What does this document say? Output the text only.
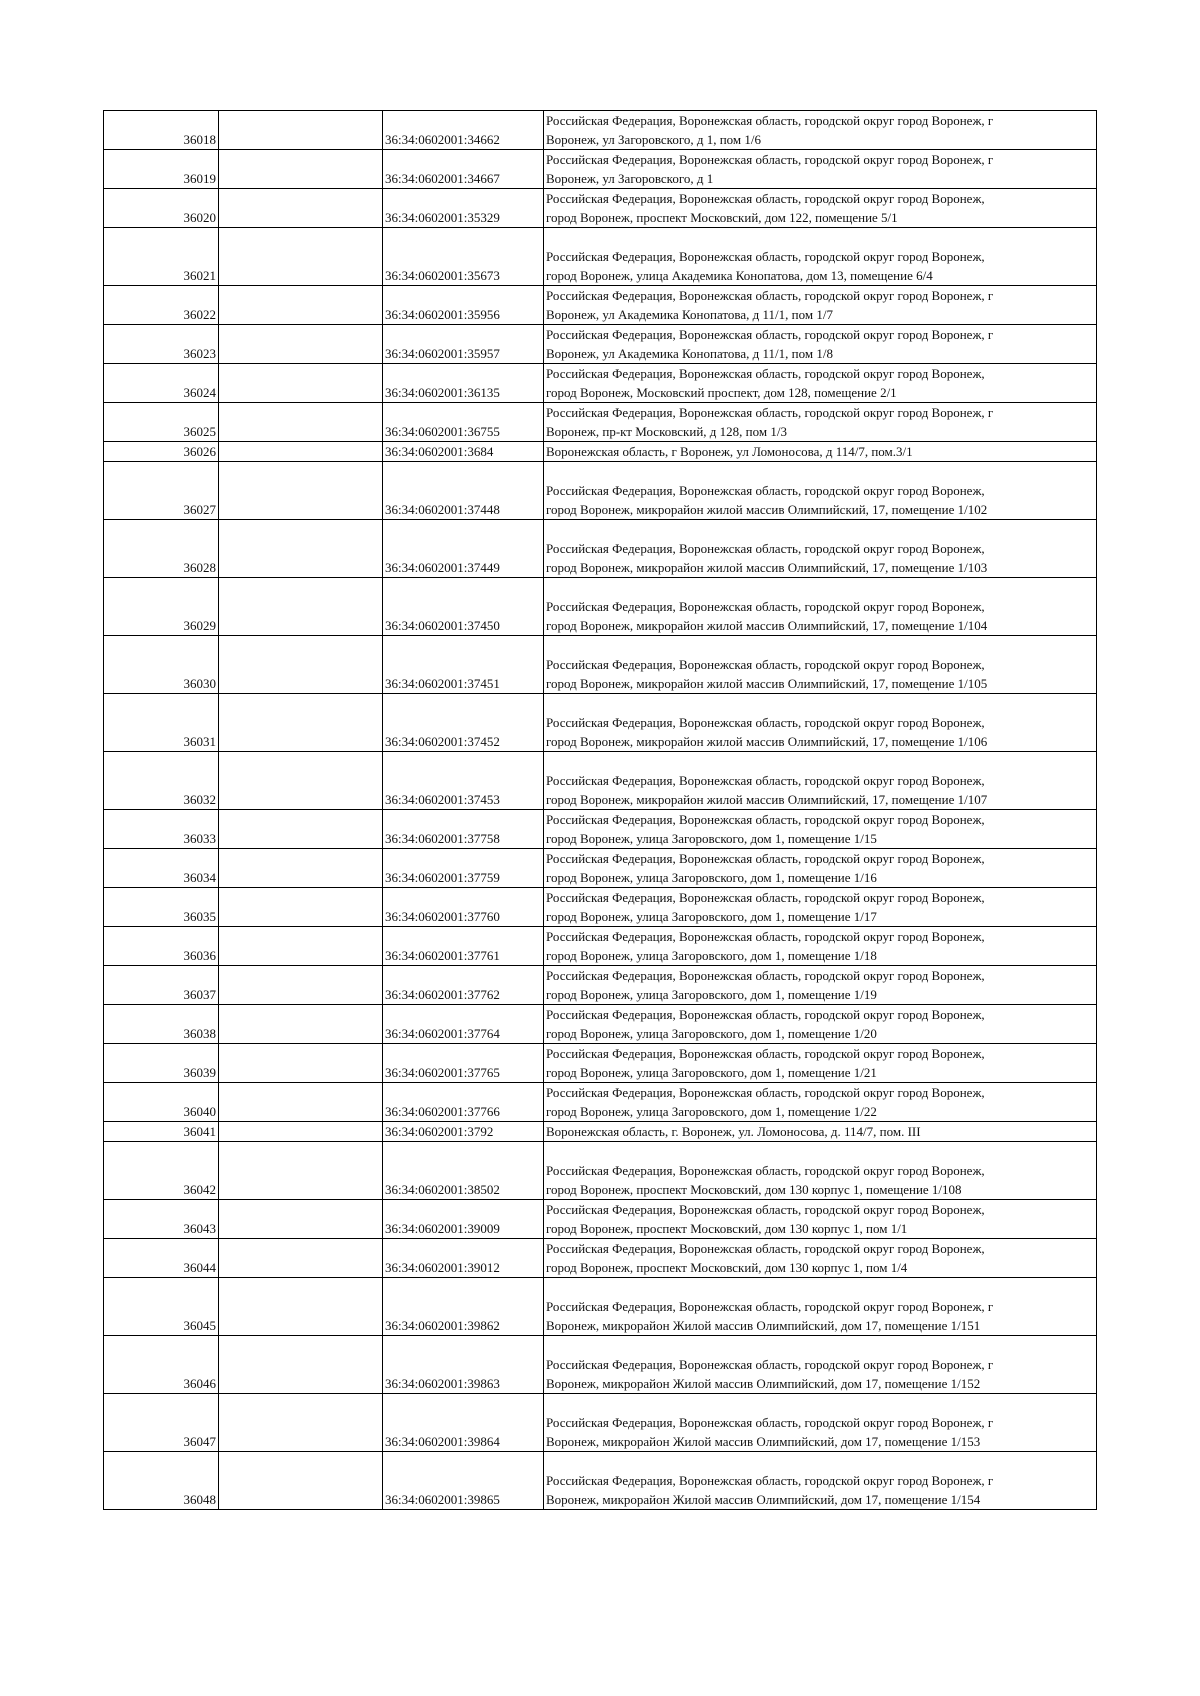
36018		36:34:0602001:34662	Российская Федерация, Воронежская область, городской округ город Воронеж, г
Воронеж, ул Загоровского, д 1, пом 1/6

36019		36:34:0602001:34667	Российская Федерация, Воронежская область, городской округ город Воронеж, г
Воронеж, ул Загоровского, д 1

36020		36:34:0602001:35329	Российская Федерация, Воронежская область, городской округ город Воронеж,
город Воронеж, проспект Московский, дом 122, помещение 5/1

36021		36:34:0602001:35673	Российская Федерация, Воронежская область, городской округ город Воронеж,
город Воронеж, улица Академика Конопатова, дом 13, помещение 6/4

36022		36:34:0602001:35956	Российская Федерация, Воронежская область, городской округ город Воронеж, г
Воронеж, ул Академика Конопатова, д 11/1, пом 1/7

36023		36:34:0602001:35957	Российская Федерация, Воронежская область, городской округ город Воронеж, г
Воронеж, ул Академика Конопатова, д 11/1, пом 1/8

36024		36:34:0602001:36135	Российская Федерация, Воронежская область, городской округ город Воронеж,
город Воронеж, Московский проспект, дом 128, помещение 2/1

36025		36:34:0602001:36755	Российская Федерация, Воронежская область, городской округ город Воронеж, г
Воронеж, пр-кт Московский, д 128, пом 1/3

36026		36:34:0602001:3684	Воронежская область, г Воронеж, ул Ломоносова, д 114/7, пом.3/1

36027		36:34:0602001:37448	Российская Федерация, Воронежская область, городской округ город Воронеж,
город Воронеж, микрорайон жилой массив Олимпийский, 17, помещение 1/102

36028		36:34:0602001:37449	Российская Федерация, Воронежская область, городской округ город Воронеж,
город Воронеж, микрорайон жилой массив Олимпийский, 17, помещение 1/103

36029		36:34:0602001:37450	Российская Федерация, Воронежская область, городской округ город Воронеж,
город Воронеж, микрорайон жилой массив Олимпийский, 17, помещение 1/104

36030		36:34:0602001:37451	Российская Федерация, Воронежская область, городской округ город Воронеж,
город Воронеж, микрорайон жилой массив Олимпийский, 17, помещение 1/105

36031		36:34:0602001:37452	Российская Федерация, Воронежская область, городской округ город Воронеж,
город Воронеж, микрорайон жилой массив Олимпийский, 17, помещение 1/106

36032		36:34:0602001:37453	Российская Федерация, Воронежская область, городской округ город Воронеж,
город Воронеж, микрорайон жилой массив Олимпийский, 17, помещение 1/107

36033		36:34:0602001:37758	Российская Федерация, Воронежская область, городской округ город Воронеж,
город Воронеж, улица Загоровского, дом 1, помещение 1/15

36034		36:34:0602001:37759	Российская Федерация, Воронежская область, городской округ город Воронеж,
город Воронеж, улица Загоровского, дом 1, помещение 1/16

36035		36:34:0602001:37760	Российская Федерация, Воронежская область, городской округ город Воронеж,
город Воронеж, улица Загоровского, дом 1, помещение 1/17

36036		36:34:0602001:37761	Российская Федерация, Воронежская область, городской округ город Воронеж,
город Воронеж, улица Загоровского, дом 1, помещение 1/18

36037		36:34:0602001:37762	Российская Федерация, Воронежская область, городской округ город Воронеж,
город Воронеж, улица Загоровского, дом 1, помещение 1/19

36038		36:34:0602001:37764	Российская Федерация, Воронежская область, городской округ город Воронеж,
город Воронеж, улица Загоровского, дом 1, помещение 1/20

36039		36:34:0602001:37765	Российская Федерация, Воронежская область, городской округ город Воронеж,
город Воронеж, улица Загоровского, дом 1, помещение 1/21

36040		36:34:0602001:37766	Российская Федерация, Воронежская область, городской округ город Воронеж,
город Воронеж, улица Загоровского, дом 1, помещение 1/22

36041		36:34:0602001:3792	Воронежская область, г. Воронеж, ул. Ломоносова, д. 114/7, пом. III

36042		36:34:0602001:38502	Российская Федерация, Воронежская область, городской округ город Воронеж,
город Воронеж, проспект Московский, дом 130 корпус 1, помещение 1/108

36043		36:34:0602001:39009	Российская Федерация, Воронежская область, городской округ город Воронеж,
город Воронеж, проспект Московский, дом 130 корпус 1, пом 1/1

36044		36:34:0602001:39012	Российская Федерация, Воронежская область, городской округ город Воронеж,
город Воронеж, проспект Московский, дом 130 корпус 1, пом 1/4

36045		36:34:0602001:39862	Российская Федерация, Воронежская область, городской округ город Воронеж, г
Воронеж, микрорайон Жилой массив Олимпийский, дом 17, помещение 1/151

36046		36:34:0602001:39863	Российская Федерация, Воронежская область, городской округ город Воронеж, г
Воронеж, микрорайон Жилой массив Олимпийский, дом 17, помещение 1/152

36047		36:34:0602001:39864	Российская Федерация, Воронежская область, городской округ город Воронеж, г
Воронеж, микрорайон Жилой массив Олимпийский, дом 17, помещение 1/153

36048		36:34:0602001:39865	Российская Федерация, Воронежская область, городской округ город Воронеж, г
Воронеж, микрорайон Жилой массив Олимпийский, дом 17, помещение 1/154
